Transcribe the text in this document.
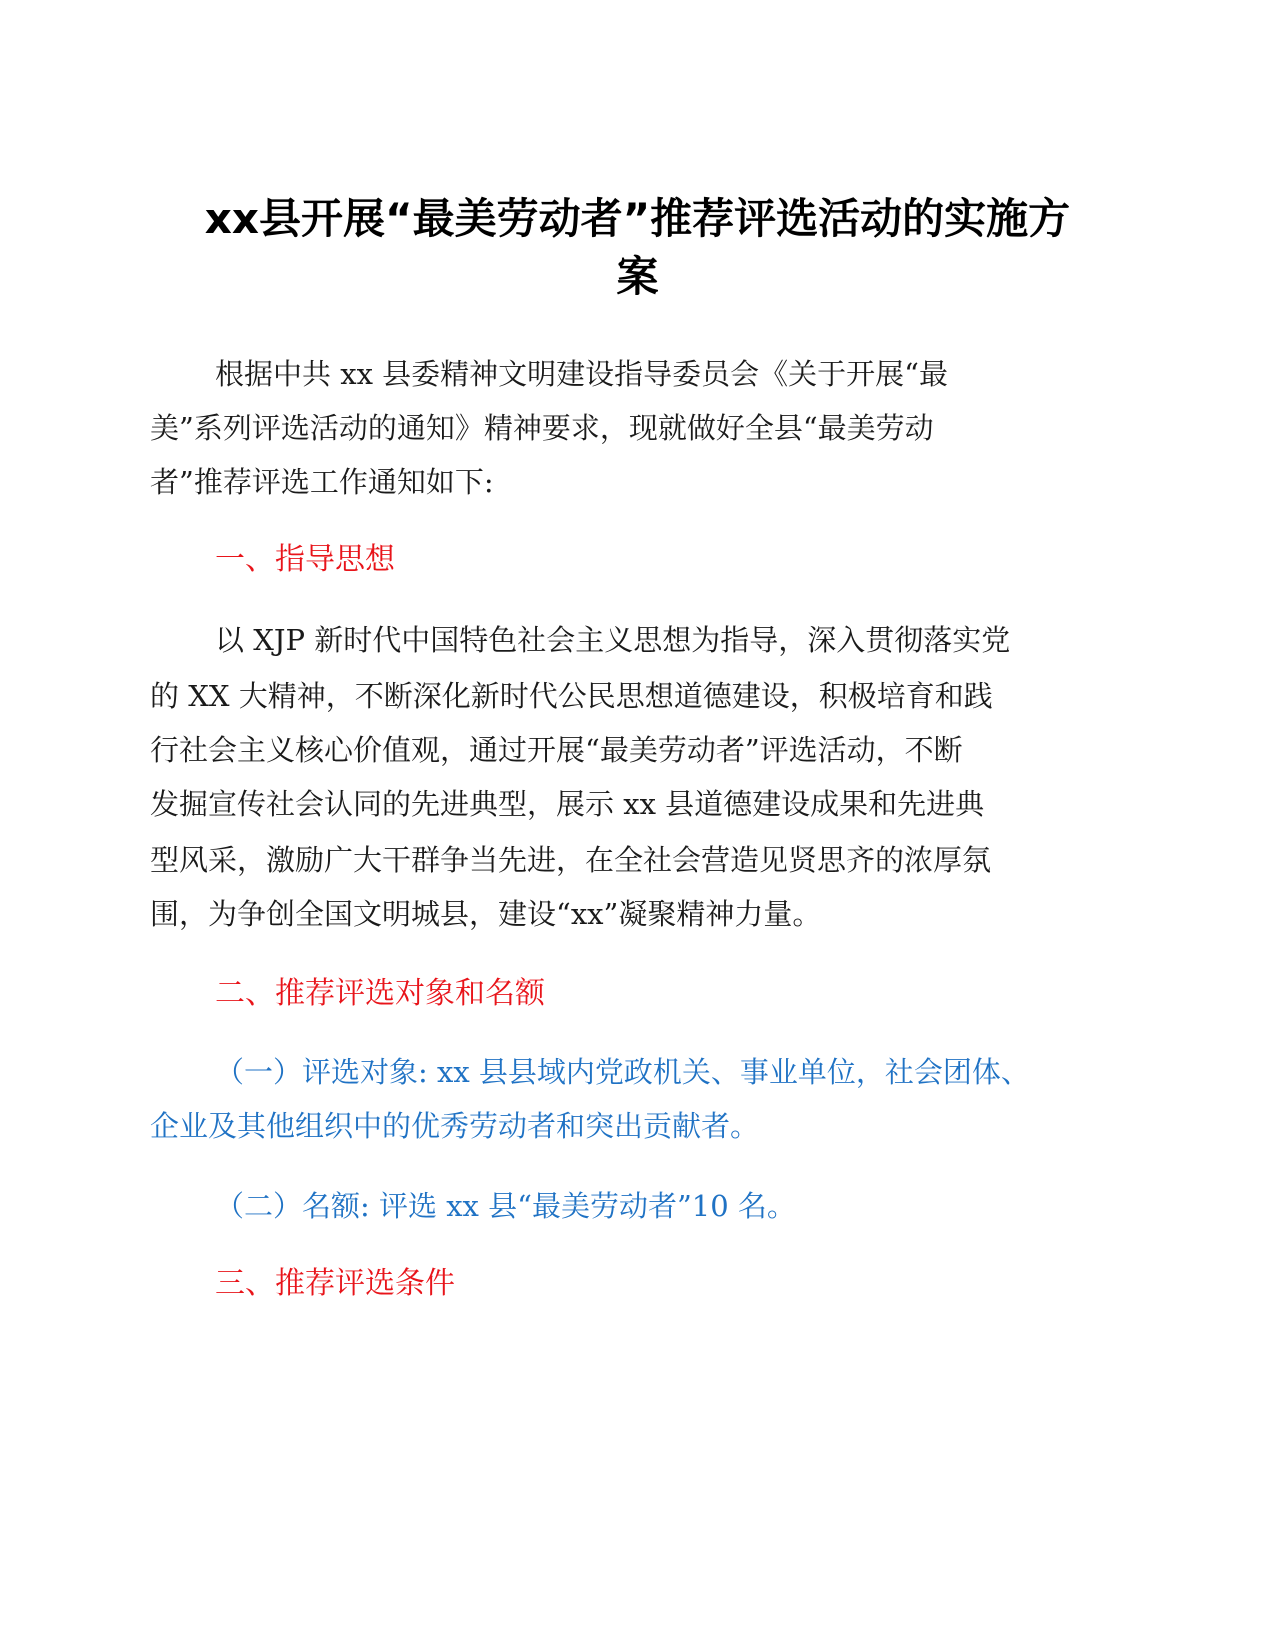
xx县开展“最美劳动者”推荐评选活动的实施方
案
根据中共 xx 县委精神文明建设指导委员会《关于开展“最
美”系列评选活动的通知》精神要求，现就做好全县“最美劳动
者”推荐评选工作通知如下:
一、指导思想
以 XJP 新时代中国特色社会主义思想为指导，深入贯彻落实党
的 XX 大精神，不断深化新时代公民思想道德建设，积极培育和践
行社会主义核心价值观，通过开展“最美劳动者”评选活动，不断
发掘宣传社会认同的先进典型，展示 xx 县道德建设成果和先进典
型风采，激励广大干群争当先进，在全社会营造见贤思齐的浓厚氛
围，为争创全国文明城县，建设“xx”凝聚精神力量。
二、推荐评选对象和名额
（一）评选对象: xx 县县域内党政机关、事业单位，社会团体、
企业及其他组织中的优秀劳动者和突出贡献者。
（二）名额: 评选 xx 县“最美劳动者”10 名。
三、推荐评选条件
